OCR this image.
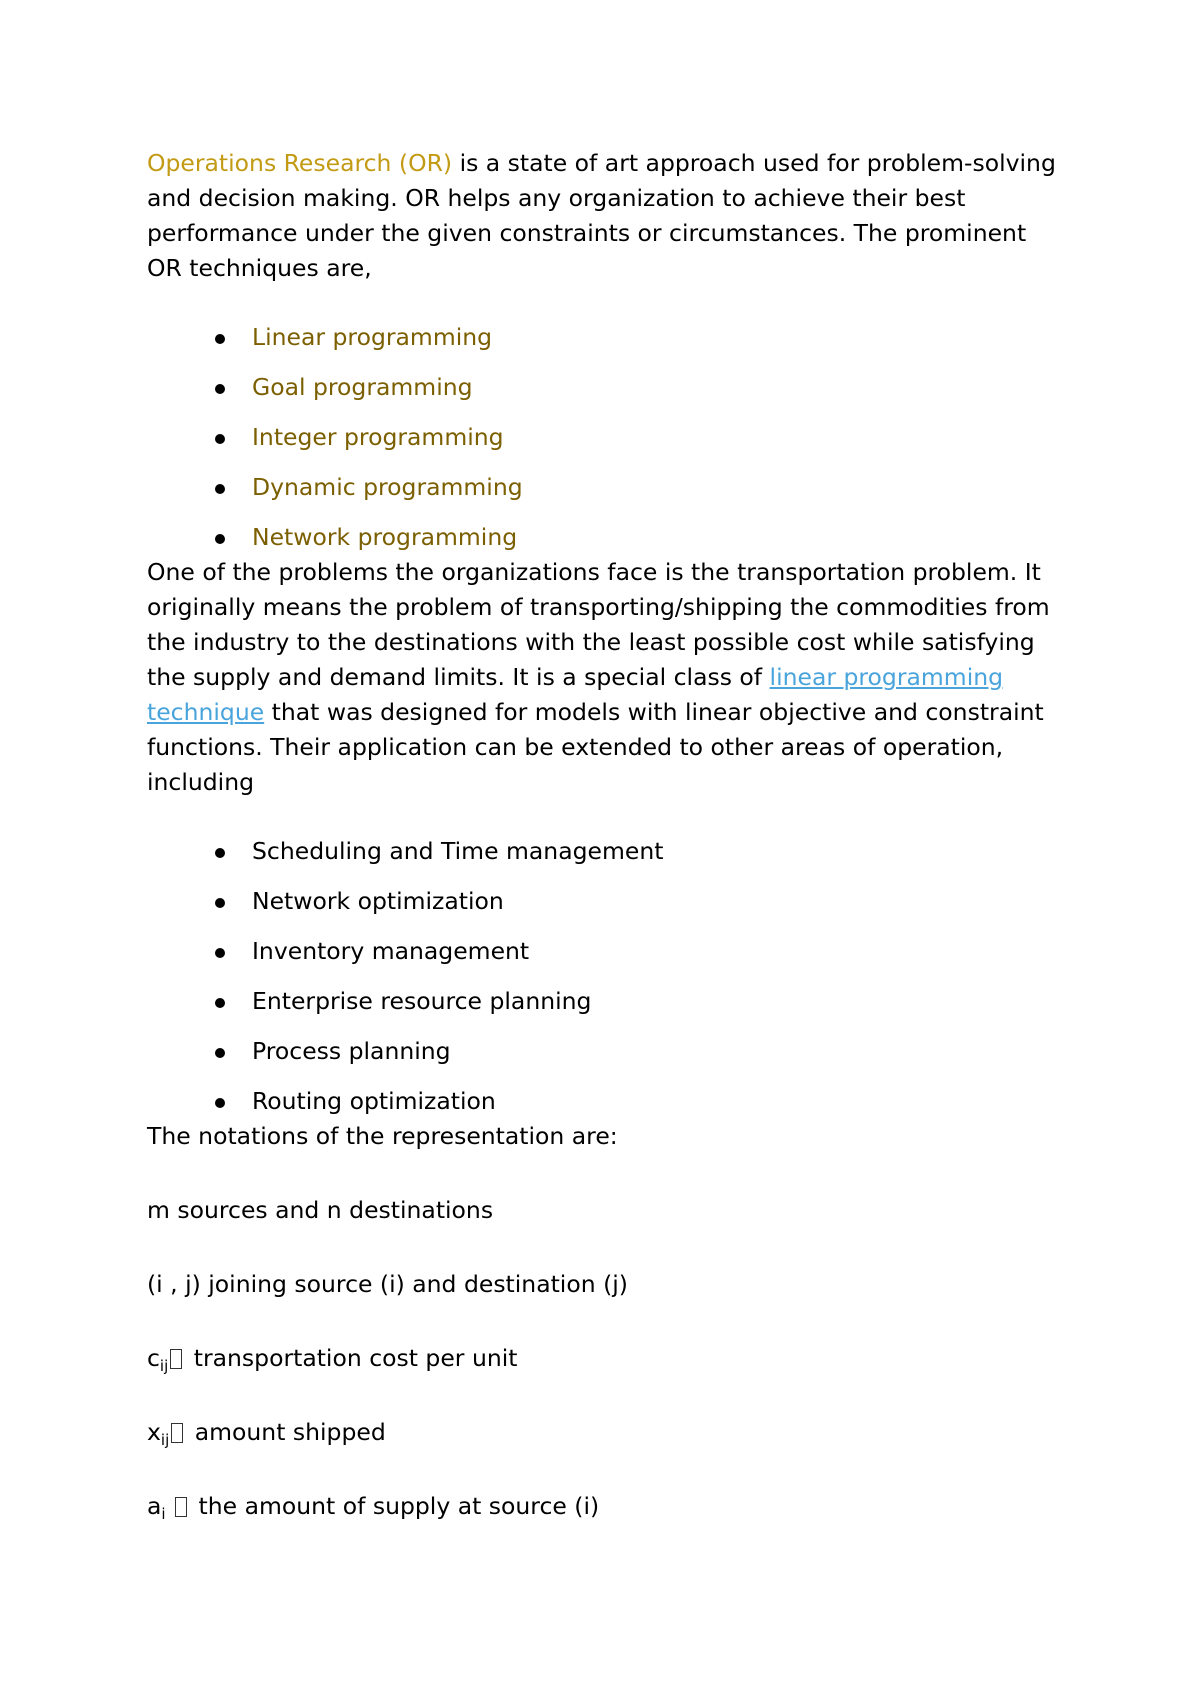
Operations Research (OR) is a state of art approach used for problem-solving and decision making. OR helps any organization to achieve their best performance under the given constraints or circumstances. The prominent OR techniques are,

Linear programming
Goal programming
Integer programming
Dynamic programming
Network programming

One of the problems the organizations face is the transportation problem. It originally means the problem of transporting/shipping the commodities from the industry to the destinations with the least possible cost while satisfying the supply and demand limits. It is a special class of linear programming technique that was designed for models with linear objective and constraint functions. Their application can be extended to other areas of operation, including

Scheduling and Time management
Network optimization
Inventory management
Enterprise resource planning
Process planning
Routing optimization

The notations of the representation are:

m sources and n destinations

(i , j) joining source (i) and destination (j)

$c_{ij}$ transportation cost per unit

$x_{ij}$ amount shipped

$a_i$  the amount of supply at source (i)
